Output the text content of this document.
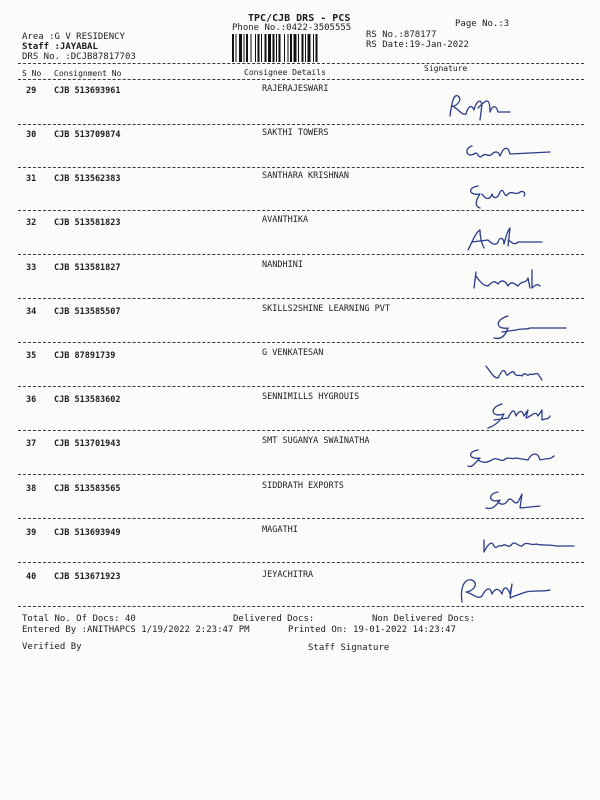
TPC/CJB DRS - PCS
Phone No.:0422-3505555	Page No.:3
Area :G V RESIDENCY
Staff :JAYABAL
DRS No. :DCJB87817703
RS No.:878177
RS Date:19-Jan-2022
Signature
S No Consignment No	Consignee Details
29 CJB 513693961	RAJERAJESWARI
30 CJB 513709874	SAKTHI TOWERS
31 CJB 513562383	SANTHARA KRISHNAN
32 CJB 513581823	AVANTHIKA
33 CJB 513581827	NANDHINI
34 CJB 513585507	SKILLS2SHINE LEARNING PVT
35 CJB 87891739	G VENKATESAN
36 CJB 513583602	SENNIMILLS HYGROUIS
37 CJB 513701943	SMT SUGANYA SWAINATHA
38 CJB 513583565	SIDDRATH EXPORTS
39 CJB 513693949	MAGATHI
40 CJB 513671923	JEYACHITRA
Total No. Of Docs: 40	Delivered Docs:	Non Delivered Docs:
Entered By :ANITHAPCS 1/19/2022 2:23:47 PM	Printed On: 19-01-2022 14:23:47
Verified By	Staff Signature
